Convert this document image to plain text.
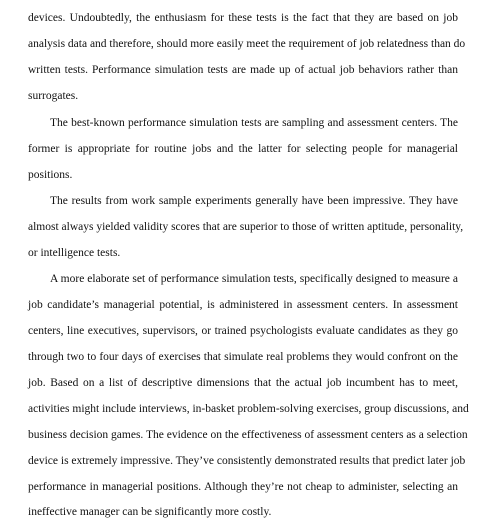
devices. Undoubtedly, the enthusiasm for these tests is the fact that they are based on job
analysis data and therefore, should more easily meet the requirement of job relatedness than do
written tests. Performance simulation tests are made up of actual job behaviors rather than
surrogates.
The best-known performance simulation tests are sampling and assessment centers. The
former is appropriate for routine jobs and the latter for selecting people for managerial
positions.
The results from work sample experiments generally have been impressive. They have
almost always yielded validity scores that are superior to those of written aptitude, personality,
or intelligence tests.
A more elaborate set of performance simulation tests, specifically designed to measure a
job candidate’s managerial potential, is administered in assessment centers. In assessment
centers, line executives, supervisors, or trained psychologists evaluate candidates as they go
through two to four days of exercises that simulate real problems they would confront on the
job. Based on a list of descriptive dimensions that the actual job incumbent has to meet,
activities might include interviews, in-basket problem-solving exercises, group discussions, and
business decision games. The evidence on the effectiveness of assessment centers as a selection
device is extremely impressive. They’ve consistently demonstrated results that predict later job
performance in managerial positions. Although they’re not cheap to administer, selecting an
ineffective manager can be significantly more costly.
